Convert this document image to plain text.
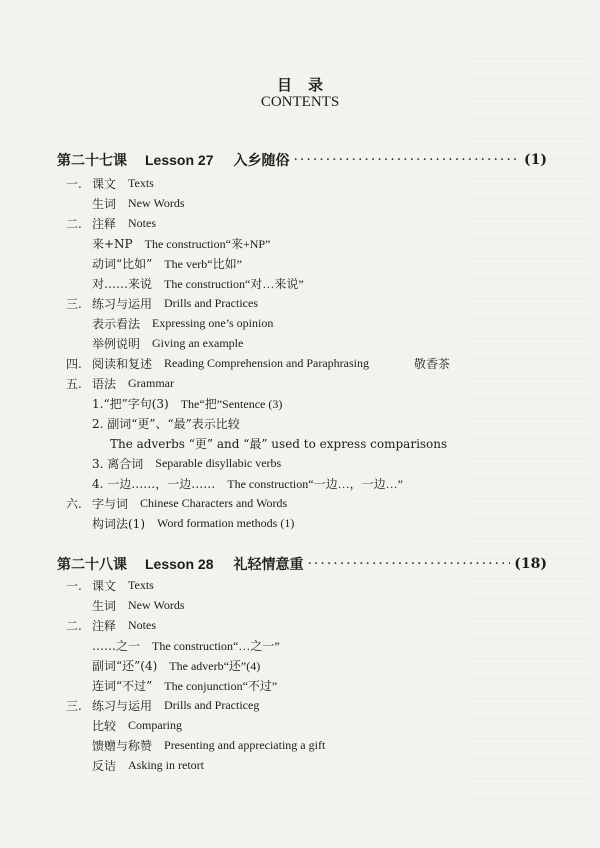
目录
CONTENTS
第二十七课 Lesson 27 入乡随俗 ·····	(1)
一. 课文 Texts
生词 New Words
二. 注释 Notes
来+NP The construction“来+NP”
动词“比如” The verb“比如”
对……来说 The construction“对…来说”
三. 练习与运用 Drills and Practices
表示看法 Expressing one’s opinion
举例说明 Giving an example
四. 阅读和复述 Reading Comprehension and Paraphrasing	敬香茶
五. 语法 Grammar
1.“把”字句(3) The“把”Sentence (3)
2. 副词“更”、“最”表示比较
The adverbs “更” and “最” used to express comparisons
3. 离合词 Separable disyllabic verbs
4. 一边……，一边…… The construction“一边…，一边…”
六. 字与词 Chinese Characters and Words
构词法(1) Word formation methods (1)
第二十八课 Lesson 28 礼轻情意重 ·····	(18)
一. 课文 Texts
生词 New Words
二. 注释 Notes
……之一 The construction“…之一”
副词“还”(4) The adverb“还”(4)
连词“不过” The conjunction“不过”
三. 练习与运用 Drills and Practiceg
比较 Comparing
馈赠与称赞 Presenting and appreciating a gift
反诘 Asking in retort
